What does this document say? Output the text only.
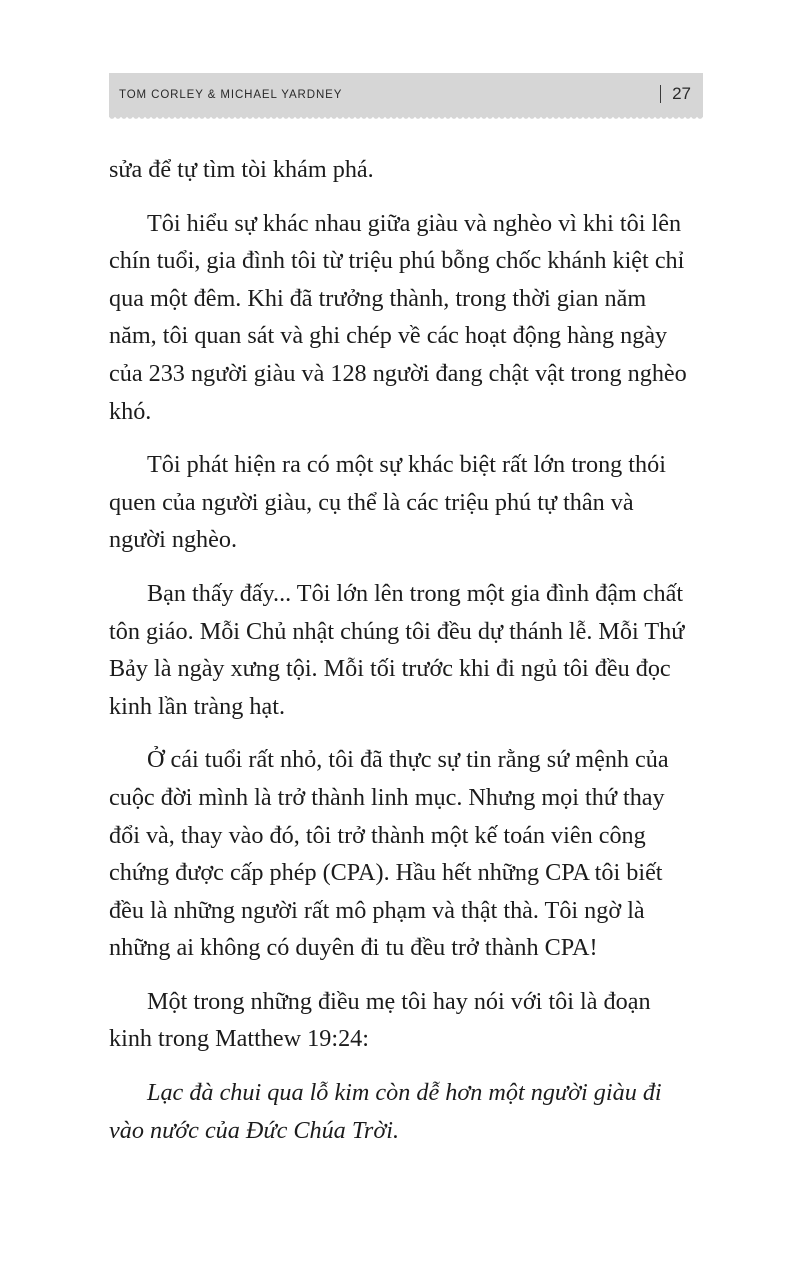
TOM CORLEY & MICHAEL YARDNEY	27

sửa để tự tìm tòi khám phá.

Tôi hiểu sự khác nhau giữa giàu và nghèo vì khi tôi lên chín tuổi, gia đình tôi từ triệu phú bỗng chốc khánh kiệt chỉ qua một đêm. Khi đã trưởng thành, trong thời gian năm năm, tôi quan sát và ghi chép về các hoạt động hàng ngày của 233 người giàu và 128 người đang chật vật trong nghèo khó.

Tôi phát hiện ra có một sự khác biệt rất lớn trong thói quen của người giàu, cụ thể là các triệu phú tự thân và người nghèo.

Bạn thấy đấy... Tôi lớn lên trong một gia đình đậm chất tôn giáo. Mỗi Chủ nhật chúng tôi đều dự thánh lễ. Mỗi Thứ Bảy là ngày xưng tội. Mỗi tối trước khi đi ngủ tôi đều đọc kinh lần tràng hạt.

Ở cái tuổi rất nhỏ, tôi đã thực sự tin rằng sứ mệnh của cuộc đời mình là trở thành linh mục. Nhưng mọi thứ thay đổi và, thay vào đó, tôi trở thành một kế toán viên công chứng được cấp phép (CPA). Hầu hết những CPA tôi biết đều là những người rất mô phạm và thật thà. Tôi ngờ là những ai không có duyên đi tu đều trở thành CPA!

Một trong những điều mẹ tôi hay nói với tôi là đoạn kinh trong Matthew 19:24:

Lạc đà chui qua lỗ kim còn dễ hơn một người giàu đi vào nước của Đức Chúa Trời.
